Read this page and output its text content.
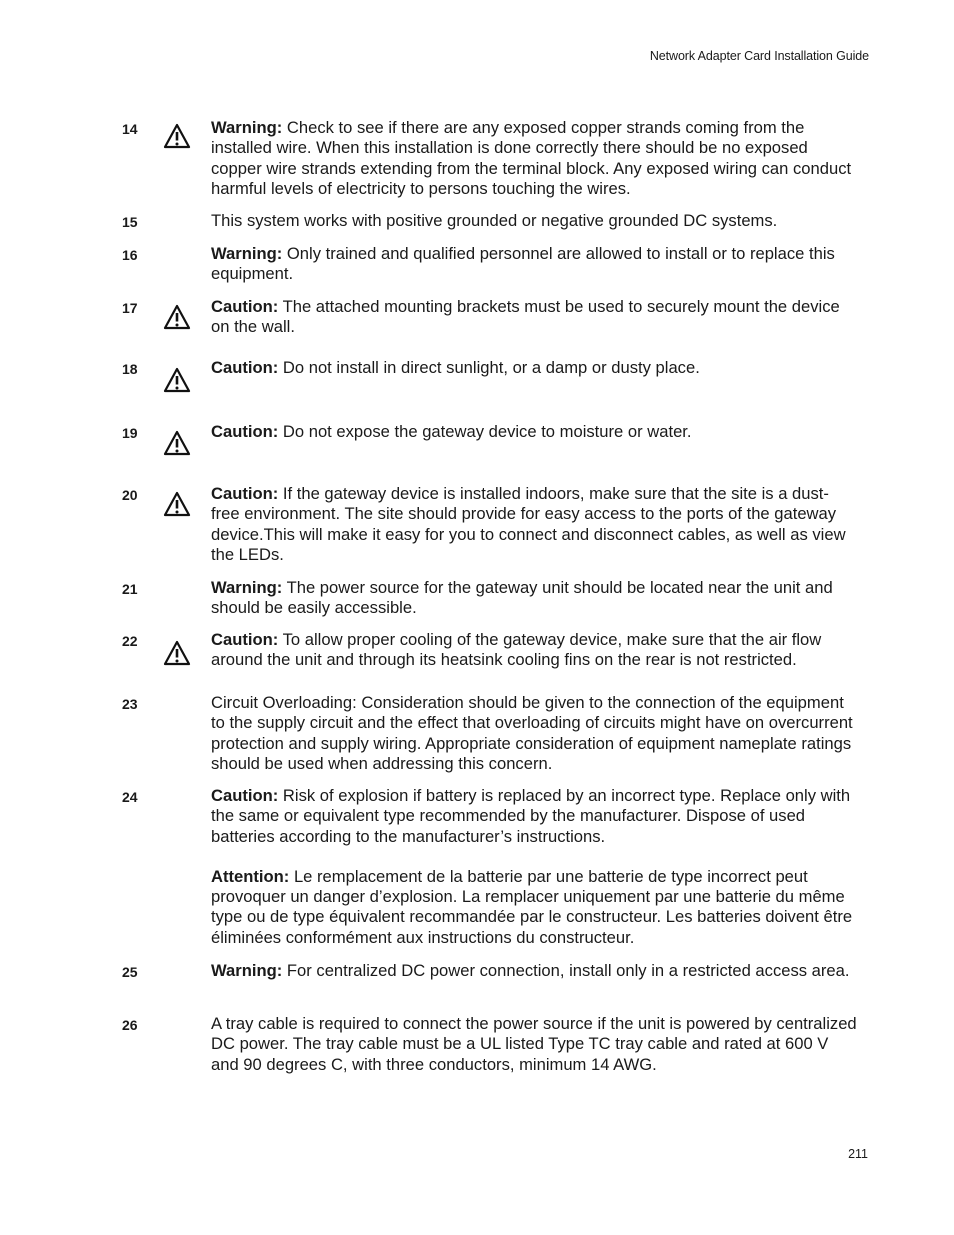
Network Adapter Card Installation Guide
14	Warning: Check to see if there are any exposed copper strands coming from the installed wire. When this installation is done correctly there should be no exposed copper wire strands extending from the terminal block. Any exposed wiring can conduct harmful levels of electricity to persons touching the wires.

15	This system works with positive grounded or negative grounded DC systems.

16	Warning: Only trained and qualified personnel are allowed to install or to replace this equipment.

17	Caution: The attached mounting brackets must be used to securely mount the device on the wall.

18	Caution: Do not install in direct sunlight, or a damp or dusty place.

19	Caution: Do not expose the gateway device to moisture or water.

20	Caution: If the gateway device is installed indoors, make sure that the site is a dust-free environment. The site should provide for easy access to the ports of the gateway device.This will make it easy for you to connect and disconnect cables, as well as view the LEDs.

21	Warning: The power source for the gateway unit should be located near the unit and should be easily accessible.

22	Caution: To allow proper cooling of the gateway device, make sure that the air flow around the unit and through its heatsink cooling fins on the rear is not restricted.

23	Circuit Overloading: Consideration should be given to the connection of the equipment to the supply circuit and the effect that overloading of circuits might have on overcurrent protection and supply wiring. Appropriate consideration of equipment nameplate ratings should be used when addressing this concern.

24	Caution: Risk of explosion if battery is replaced by an incorrect type. Replace only with the same or equivalent type recommended by the manufacturer. Dispose of used batteries according to the manufacturer’s instructions.

Attention: Le remplacement de la batterie par une batterie de type incorrect peut provoquer un danger d’explosion. La remplacer uniquement par une batterie du même type ou de type équivalent recommandée par le constructeur. Les batteries doivent être éliminées conformément aux instructions du constructeur.

25	Warning: For centralized DC power connection, install only in a restricted access area.

26	A tray cable is required to connect the power source if the unit is powered by centralized DC power. The tray cable must be a UL listed Type TC tray cable and rated at 600 V and 90 degrees C, with three conductors, minimum 14 AWG.

211
